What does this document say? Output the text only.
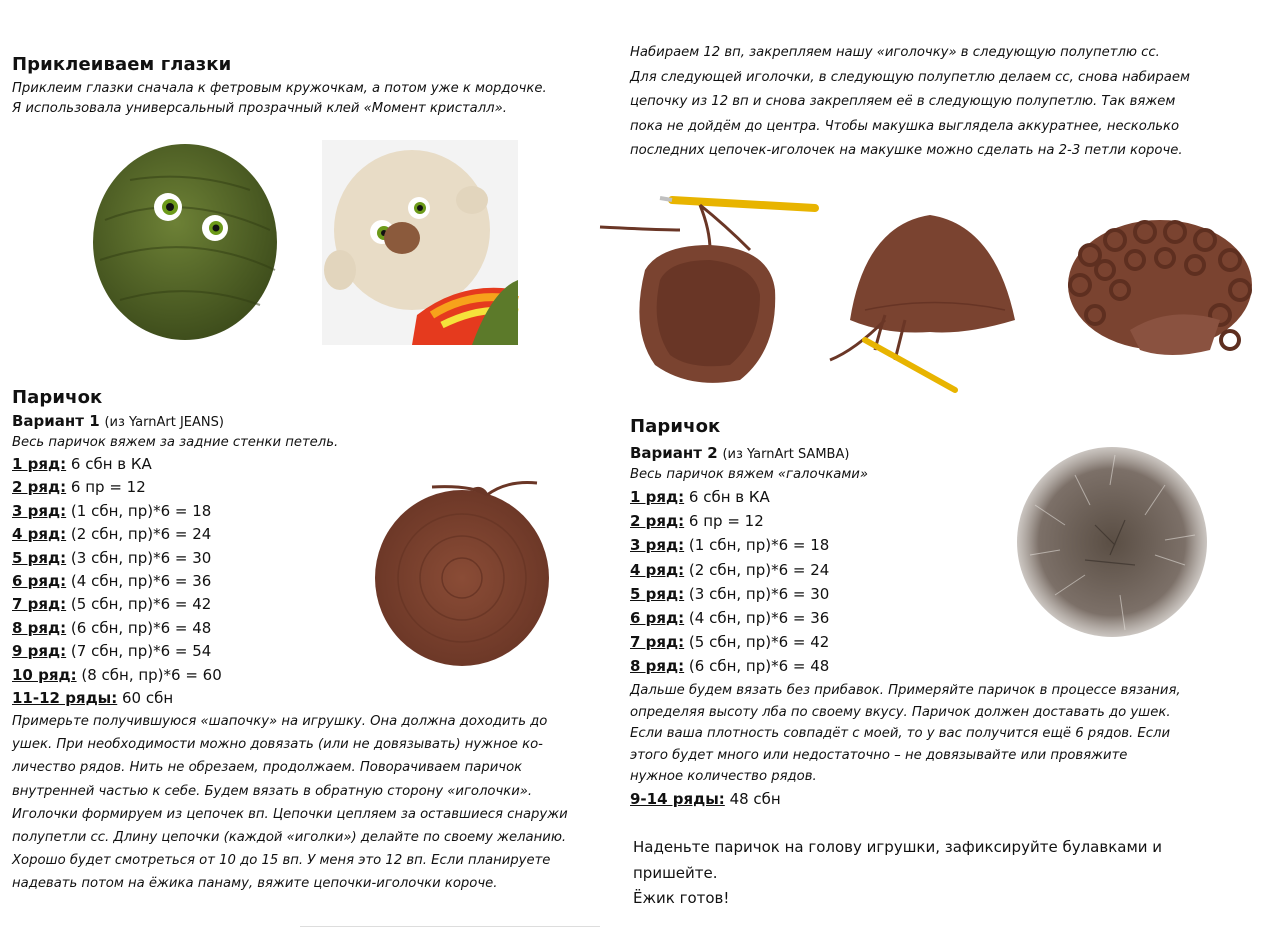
Приклеиваем глазки
Приклеим глазки сначала к фетровым кружочкам, а потом уже к мордочке.
Я использовала универсальный прозрачный клей «Момент кристалл».
Паричок
Вариант 1 (из YarnArt JEANS)
Весь паричок вяжем за задние стенки петель.
1 ряд: 6 сбн в КА
2 ряд: 6 пр = 12
3 ряд: (1 сбн, пр)*6 = 18
4 ряд: (2 сбн, пр)*6 = 24
5 ряд: (3 сбн, пр)*6 = 30
6 ряд: (4 сбн, пр)*6 = 36
7 ряд: (5 сбн, пр)*6 = 42
8 ряд: (6 сбн, пр)*6 = 48
9 ряд: (7 сбн, пр)*6 = 54
10 ряд: (8 сбн, пр)*6 = 60
11-12 ряды: 60 сбн
Примерьте получившуюся «шапочку» на игрушку. Она должна доходить до
ушек. При необходимости можно довязать (или не довязывать) нужное ко-
личество рядов. Нить не обрезаем, продолжаем. Поворачиваем паричок
внутренней частью к себе. Будем вязать в обратную сторону «иголочки».
Иголочки формируем из цепочек вп. Цепочки цепляем за оставшиеся снаружи
полупетли сс. Длину цепочки (каждой «иголки») делайте по своему желанию.
Хорошо будет смотреться от 10 до 15 вп. У меня это 12 вп. Если планируете
надевать потом на ёжика панаму, вяжите цепочки-иголочки короче.
Набираем 12 вп, закрепляем нашу «иголочку» в следующую полупетлю сс.
Для следующей иголочки, в следующую полупетлю делаем сс, снова набираем
цепочку из 12 вп и снова закрепляем её в следующую полупетлю. Так вяжем
пока не дойдём до центра. Чтобы макушка выглядела аккуратнее, несколько
последних цепочек-иголочек на макушке можно сделать на 2-3 петли короче.
Паричок
Вариант 2 (из YarnArt SAMBA)
Весь паричок вяжем «галочками»
1 ряд: 6 сбн в КА
2 ряд: 6 пр = 12
3 ряд: (1 сбн, пр)*6 = 18
4 ряд: (2 сбн, пр)*6 = 24
5 ряд: (3 сбн, пр)*6 = 30
6 ряд: (4 сбн, пр)*6 = 36
7 ряд: (5 сбн, пр)*6 = 42
8 ряд: (6 сбн, пр)*6 = 48
Дальше будем вязать без прибавок. Примеряйте паричок в процессе вязания,
определяя высоту лба по своему вкусу. Паричок должен доставать до ушек.
Если ваша плотность совпадёт с моей, то у вас получится ещё 6 рядов. Если
этого будет много или недостаточно – не довязывайте или провяжите
нужное количество рядов.
9-14 ряды: 48 сбн
Наденьте паричок на голову игрушки, зафиксируйте булавками и
пришейте.
Ёжик готов!
